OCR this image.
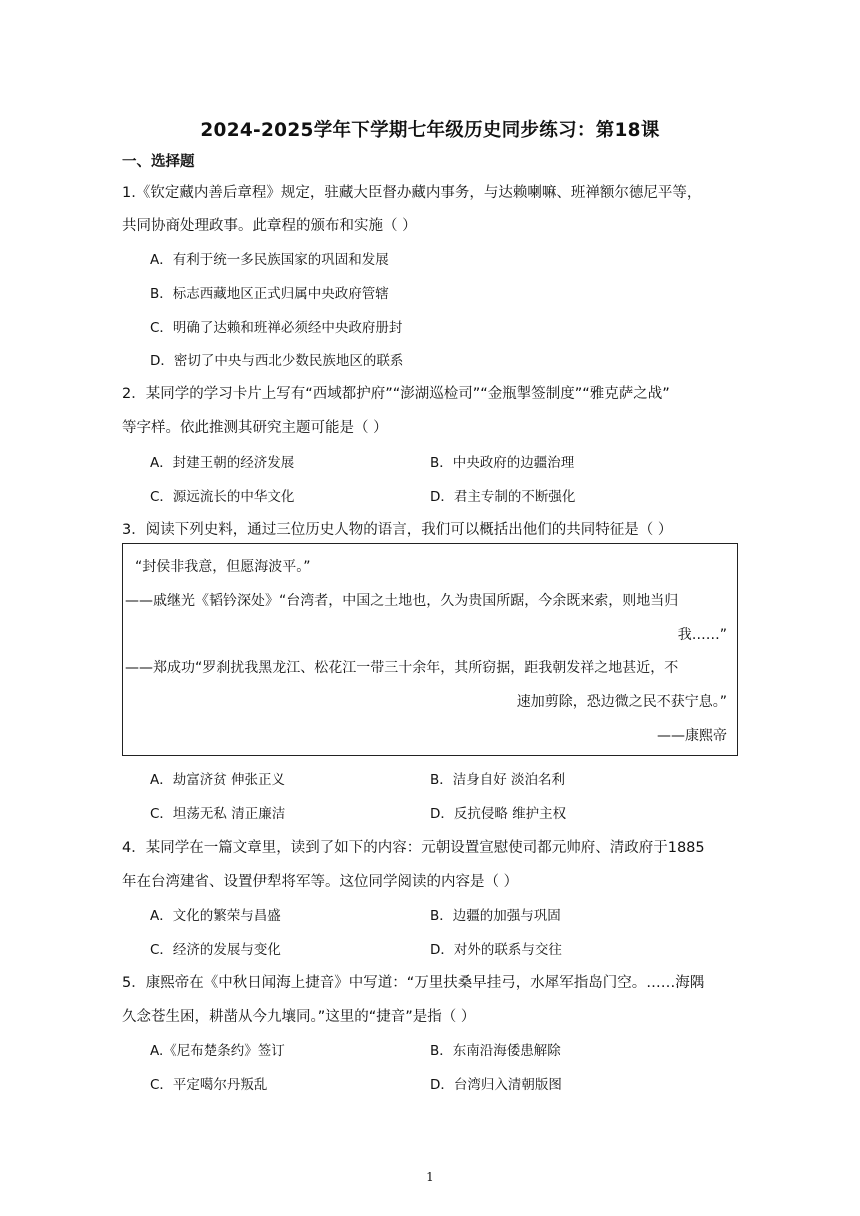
2024-2025学年下学期七年级历史同步练习：第18课
一、选择题
1.《钦定藏内善后章程》规定，驻藏大臣督办藏内事务，与达赖喇嘛、班禅额尔德尼平等，
共同协商处理政事。此章程的颁布和实施（ ）
A．有利于统一多民族国家的巩固和发展
B．标志西藏地区正式归属中央政府管辖
C．明确了达赖和班禅必须经中央政府册封
D．密切了中央与西北少数民族地区的联系
2．某同学的学习卡片上写有“西域都护府”“澎湖巡检司”“金瓶掣签制度”“雅克萨之战”
等字样。依此推测其研究主题可能是（ ）
A．封建王朝的经济发展	B．中央政府的边疆治理
C．源远流长的中华文化	D．君主专制的不断强化
3．阅读下列史料，通过三位历史人物的语言，我们可以概括出他们的共同特征是（ ）
“封侯非我意，但愿海波平。”
——戚继光《韬钤深处》“台湾者，中国之土地也，久为贵国所踞，今余既来索，则地当归
我……”
——郑成功“罗刹扰我黑龙江、松花江一带三十余年，其所窃据，距我朝发祥之地甚近，不
速加剪除，恐边微之民不获宁息。”
——康熙帝
A．劫富济贫 伸张正义	B．洁身自好 淡泊名利
C．坦荡无私 清正廉洁	D．反抗侵略 维护主权
4．某同学在一篇文章里，读到了如下的内容：元朝设置宣慰使司都元帅府、清政府于1885
年在台湾建省、设置伊犁将军等。这位同学阅读的内容是（ ）
A．文化的繁荣与昌盛	B．边疆的加强与巩固
C．经济的发展与变化	D．对外的联系与交往
5．康熙帝在《中秋日闻海上捷音》中写道：“万里扶桑早挂弓，水犀军指岛门空。……海隅
久念苍生困，耕凿从今九壤同。”这里的“捷音”是指（ ）
A.《尼布楚条约》签订	B．东南沿海倭患解除
C．平定噶尔丹叛乱	D．台湾归入清朝版图
1
